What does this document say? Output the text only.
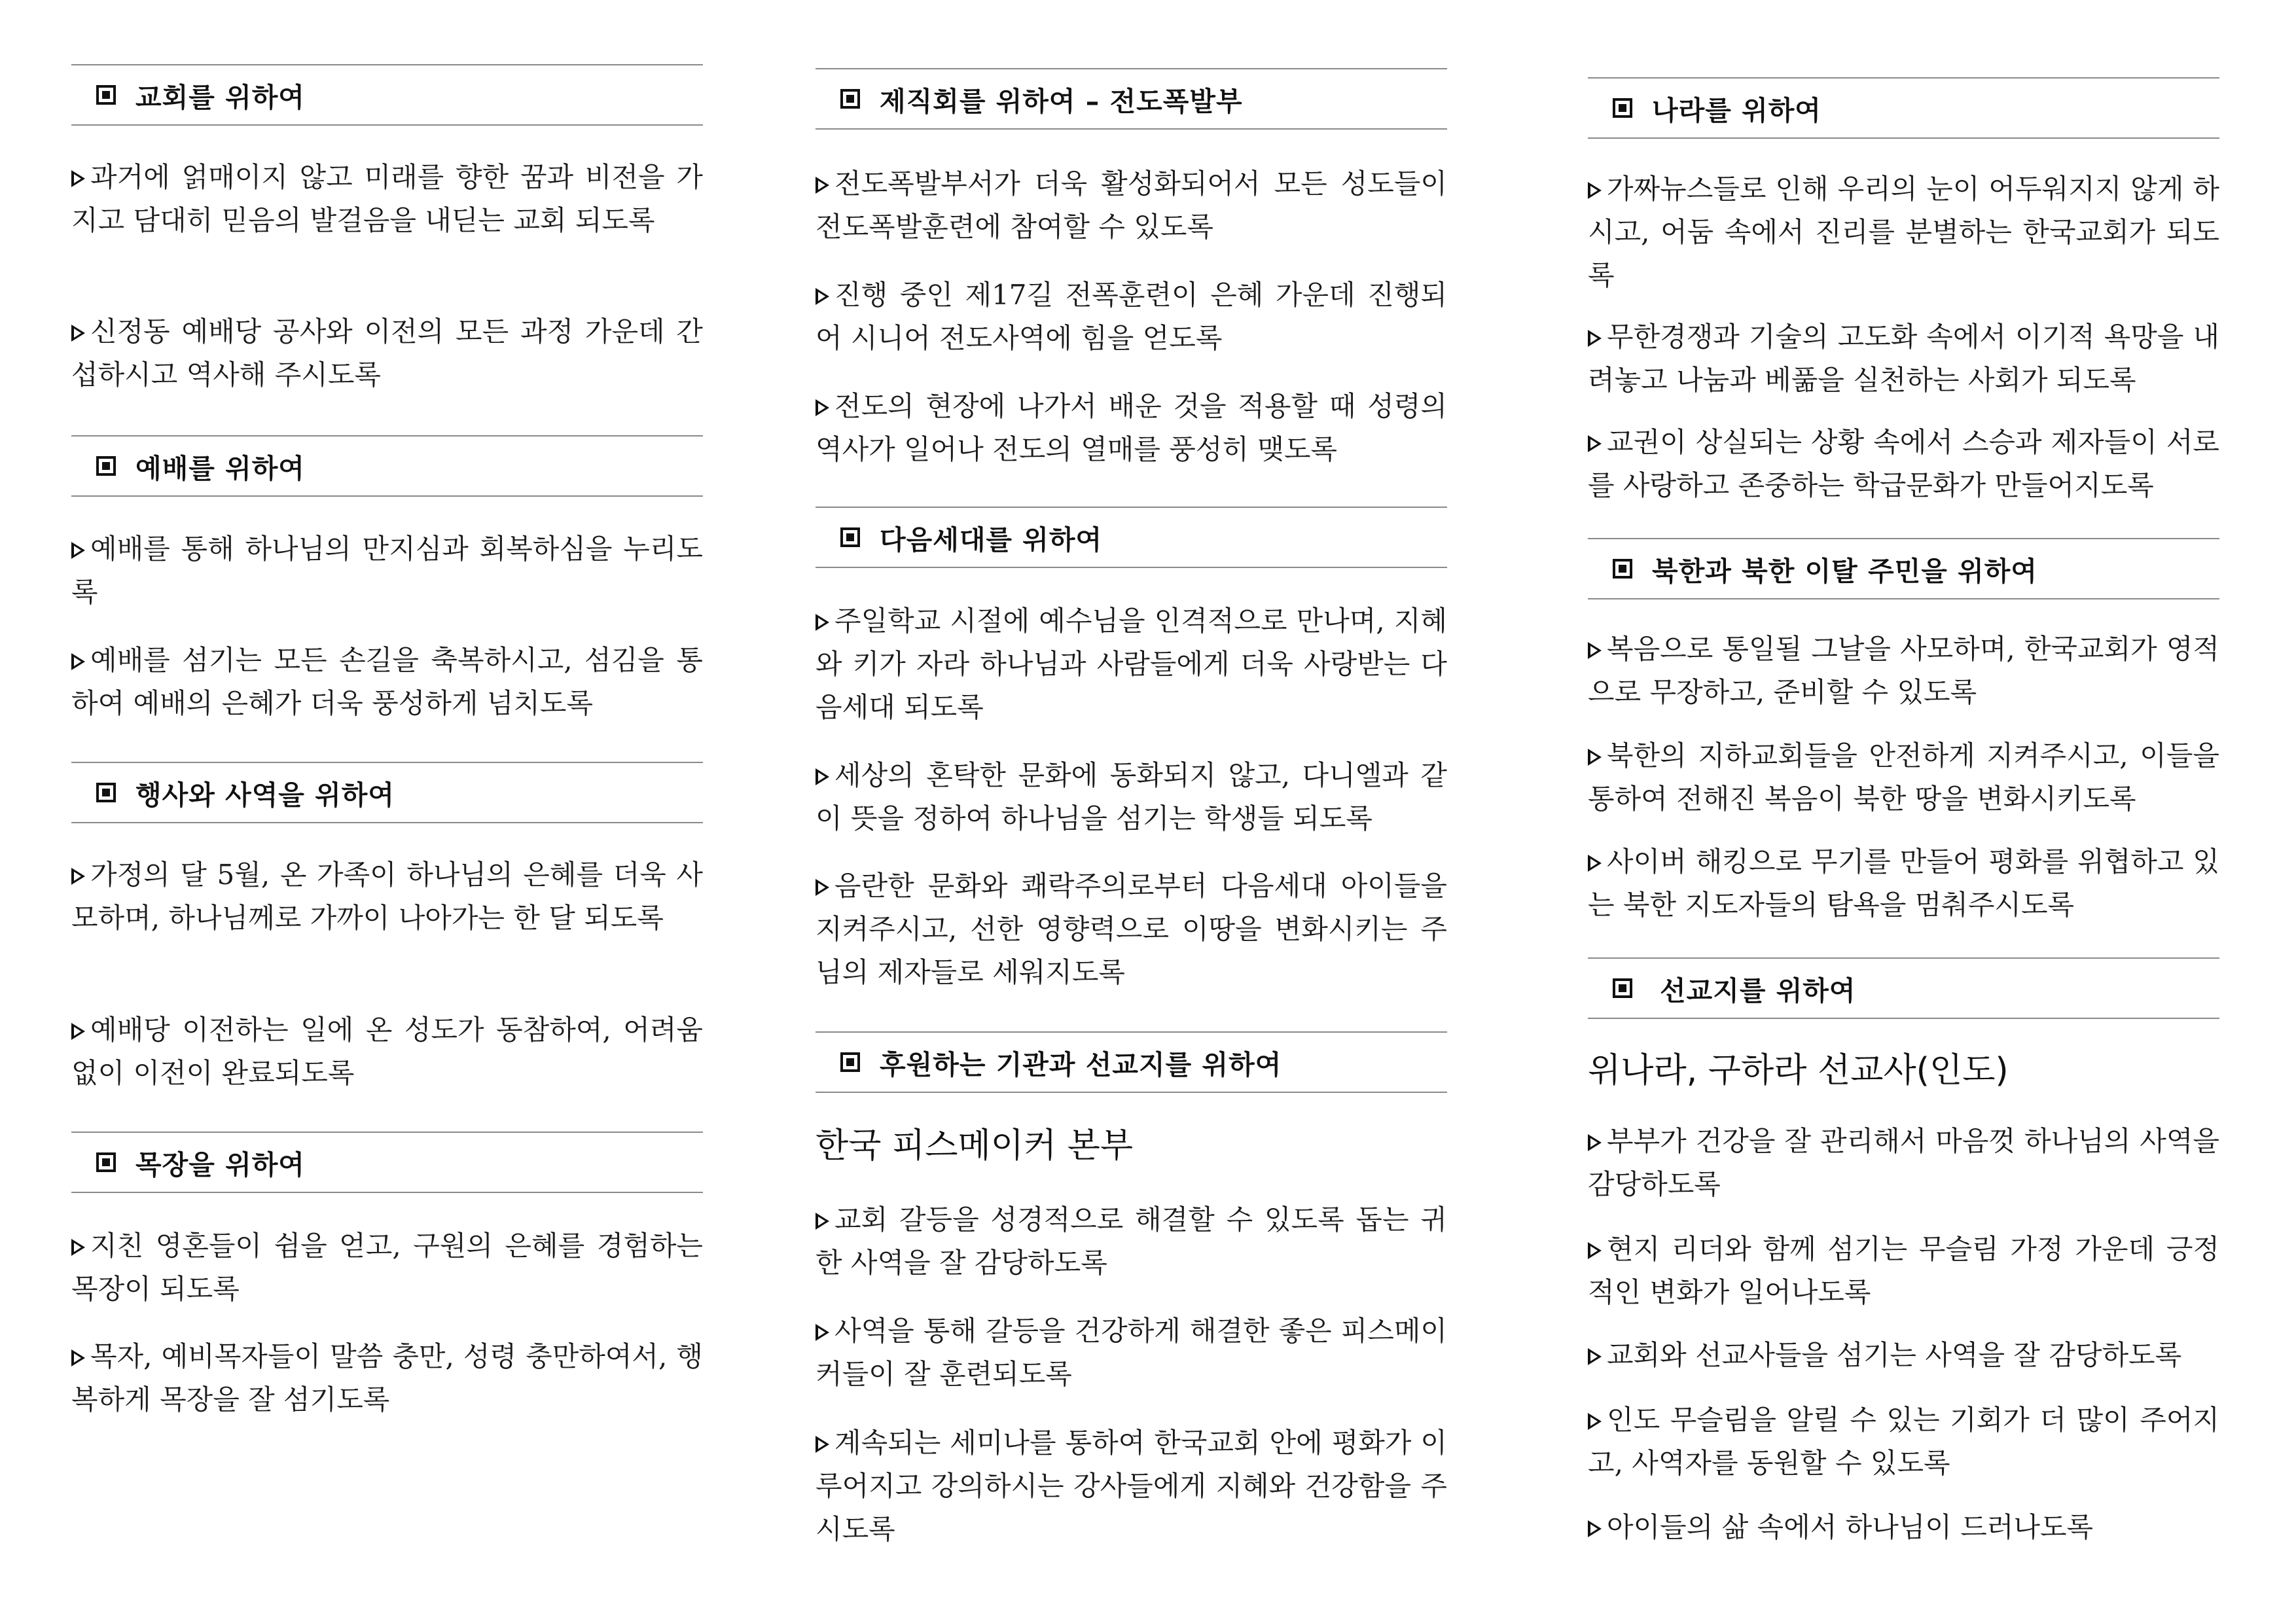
교회를 위하여

과거에 얽매이지 않고 미래를 향한 꿈과 비전을 가지고 담대히 믿음의 발걸음을 내딛는 교회 되도록

신정동 예배당 공사와 이전의 모든 과정 가운데 간섭하시고 역사해 주시도록

예배를 위하여

예배를 통해 하나님의 만지심과 회복하심을 누리도록

예배를 섬기는 모든 손길을 축복하시고, 섬김을 통하여 예배의 은혜가 더욱 풍성하게 넘치도록

행사와 사역을 위하여

가정의 달 5월, 온 가족이 하나님의 은혜를 더욱 사모하며, 하나님께로 가까이 나아가는 한 달 되도록

예배당 이전하는 일에 온 성도가 동참하여, 어려움 없이 이전이 완료되도록

목장을 위하여

지친 영혼들이 쉼을 얻고, 구원의 은혜를 경험하는 목장이 되도록

목자, 예비목자들이 말씀 충만, 성령 충만하여서, 행복하게 목장을 잘 섬기도록

제직회를 위하여 – 전도폭발부

전도폭발부서가 더욱 활성화되어서 모든 성도들이 전도폭발훈련에 참여할 수 있도록

진행 중인 제17길 전폭훈련이 은혜 가운데 진행되어 시니어 전도사역에 힘을 얻도록

전도의 현장에 나가서 배운 것을 적용할 때 성령의 역사가 일어나 전도의 열매를 풍성히 맺도록

다음세대를 위하여

주일학교 시절에 예수님을 인격적으로 만나며, 지혜와 키가 자라 하나님과 사람들에게 더욱 사랑받는 다음세대 되도록

세상의 혼탁한 문화에 동화되지 않고, 다니엘과 같이 뜻을 정하여 하나님을 섬기는 학생들 되도록

음란한 문화와 쾌락주의로부터 다음세대 아이들을 지켜주시고, 선한 영향력으로 이땅을 변화시키는 주님의 제자들로 세워지도록

후원하는 기관과 선교지를 위하여

한국 피스메이커 본부

교회 갈등을 성경적으로 해결할 수 있도록 돕는 귀한 사역을 잘 감당하도록

사역을 통해 갈등을 건강하게 해결한 좋은 피스메이커들이 잘 훈련되도록

계속되는 세미나를 통하여 한국교회 안에 평화가 이루어지고 강의하시는 강사들에게 지혜와 건강함을 주시도록

나라를 위하여

가짜뉴스들로 인해 우리의 눈이 어두워지지 않게 하시고, 어둠 속에서 진리를 분별하는 한국교회가 되도록

무한경쟁과 기술의 고도화 속에서 이기적 욕망을 내려놓고 나눔과 베풂을 실천하는 사회가 되도록

교권이 상실되는 상황 속에서 스승과 제자들이 서로를 사랑하고 존중하는 학급문화가 만들어지도록

북한과 북한 이탈 주민을 위하여

복음으로 통일될 그날을 사모하며, 한국교회가 영적으로 무장하고, 준비할 수 있도록

북한의 지하교회들을 안전하게 지켜주시고, 이들을 통하여 전해진 복음이 북한 땅을 변화시키도록

사이버 해킹으로 무기를 만들어 평화를 위협하고 있는 북한 지도자들의 탐욕을 멈춰주시도록

선교지를 위하여

위나라, 구하라 선교사(인도)

부부가 건강을 잘 관리해서 마음껏 하나님의 사역을 감당하도록

현지 리더와 함께 섬기는 무슬림 가정 가운데 긍정적인 변화가 일어나도록

교회와 선교사들을 섬기는 사역을 잘 감당하도록

인도 무슬림을 알릴 수 있는 기회가 더 많이 주어지고, 사역자를 동원할 수 있도록

아이들의 삶 속에서 하나님이 드러나도록
